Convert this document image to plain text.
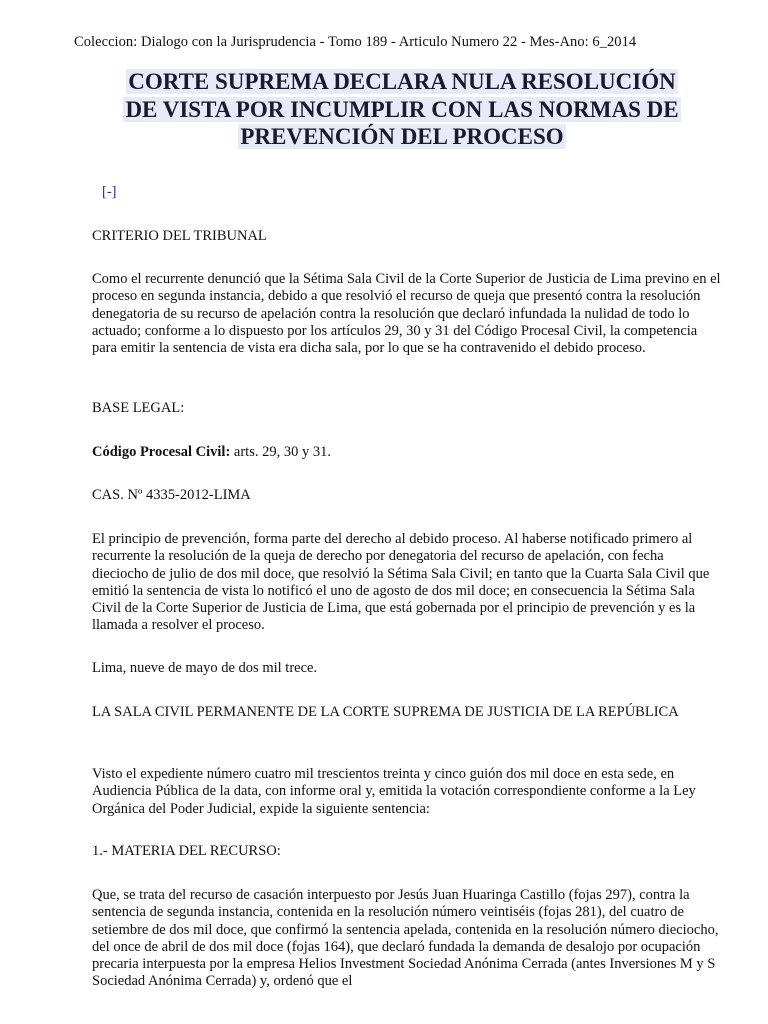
Coleccion: Dialogo con la Jurisprudencia - Tomo 189 - Articulo Numero 22 - Mes-Ano: 6_2014
CORTE SUPREMA DECLARA NULA RESOLUCIÓN
DE VISTA POR INCUMPLIR CON LAS NORMAS DE
PREVENCIÓN DEL PROCESO
[-]

CRITERIO DEL TRIBUNAL

Como el recurrente denunció que la Sétima Sala Civil de la Corte Superior de Justicia de Lima previno en el proceso en segunda instancia, debido a que resolvió el recurso de queja que presentó contra la resolución denegatoria de su recurso de apelación contra la resolución que declaró infundada la nulidad de todo lo actuado; conforme a lo dispuesto por los artículos 29, 30 y 31 del Código Procesal Civil, la competencia para emitir la sentencia de vista era dicha sala, por lo que se ha contravenido el debido proceso.

BASE LEGAL:

Código Procesal Civil: arts. 29, 30 y 31.

CAS. Nº 4335-2012-LIMA

El principio de prevención, forma parte del derecho al debido proceso. Al haberse notificado primero al recurrente la resolución de la queja de derecho por denegatoria del recurso de apelación, con fecha dieciocho de julio de dos mil doce, que resolvió la Sétima Sala Civil; en tanto que la Cuarta Sala Civil que emitió la sentencia de vista lo notificó el uno de agosto de dos mil doce; en consecuencia la Sétima Sala Civil de la Corte Superior de Justicia de Lima, que está gobernada por el principio de prevención y es la llamada a resolver el proceso.

Lima, nueve de mayo de dos mil trece.

LA SALA CIVIL PERMANENTE DE LA CORTE SUPREMA DE JUSTICIA DE LA REPÚBLICA

Visto el expediente número cuatro mil trescientos treinta y cinco guión dos mil doce en esta sede, en Audiencia Pública de la data, con informe oral y, emitida la votación correspondiente conforme a la Ley Orgánica del Poder Judicial, expide la siguiente sentencia:

1.- MATERIA DEL RECURSO:

Que, se trata del recurso de casación interpuesto por Jesús Juan Huaringa Castillo (fojas 297), contra la sentencia de segunda instancia, contenida en la resolución número veintiséis (fojas 281), del cuatro de setiembre de dos mil doce, que confirmó la sentencia apelada, contenida en la resolución número dieciocho, del once de abril de dos mil doce (fojas 164), que declaró fundada la demanda de desalojo por ocupación precaria interpuesta por la empresa Helios Investment Sociedad Anónima Cerrada (antes Inversiones M y S Sociedad Anónima Cerrada) y, ordenó que el
